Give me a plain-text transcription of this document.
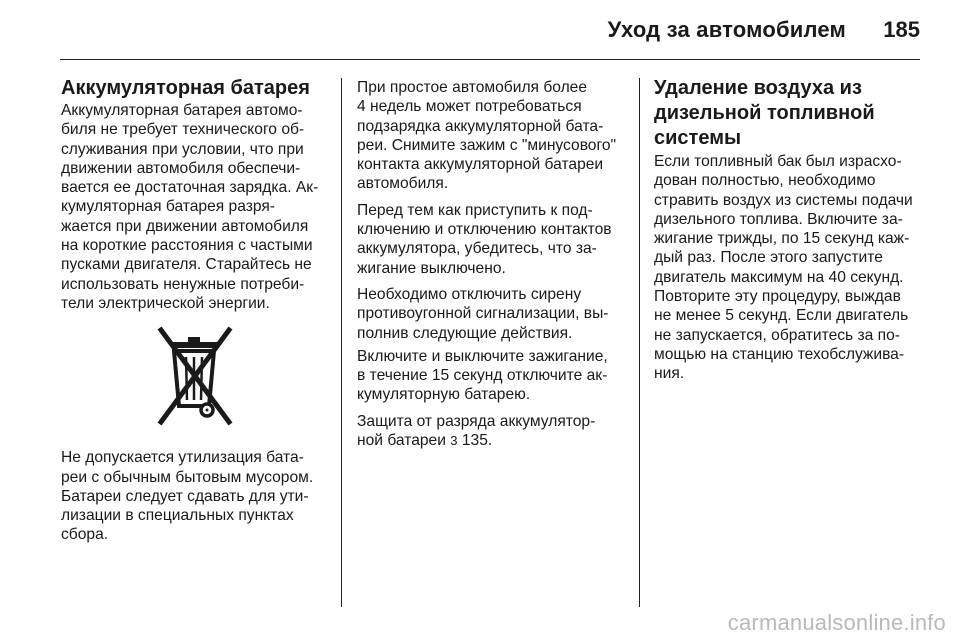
Уход за автомобилем 185
Аккумуляторная батарея

Аккумуляторная батарея автомо-
биля не требует технического об-
служивания при условии, что при
движении автомобиля обеспечи-
вается ее достаточная зарядка. Ак-
кумуляторная батарея разря-
жается при движении автомобиля
на короткие расстояния с частыми
пусками двигателя. Старайтесь не
использовать ненужные потреби-
тели электрической энергии.

Не допускается утилизация бата-
реи с обычным бытовым мусором.
Батареи следует сдавать для ути-
лизации в специальных пунктах
сбора.

При простое автомобиля более
4 недель может потребоваться
подзарядка аккумуляторной бата-
реи. Снимите зажим с "минусового"
контакта аккумуляторной батареи
автомобиля.

Перед тем как приступить к под-
ключению и отключению контактов
аккумулятора, убедитесь, что за-
жигание выключено.

Необходимо отключить сирену
противоугонной сигнализации, вы-
полнив следующие действия.

Включите и выключите зажигание,
в течение 15 секунд отключите ак-
кумуляторную батарею.

Защита от разряда аккумулятор-
ной батареи 3 135.

Удаление воздуха из
дизельной топливной
системы

Если топливный бак был израсхо-
дован полностью, необходимо
стравить воздух из системы подачи
дизельного топлива. Включите за-
жигание трижды, по 15 секунд каж-
дый раз. После этого запустите
двигатель максимум на 40 секунд.
Повторите эту процедуру, выждав
не менее 5 секунд. Если двигатель
не запускается, обратитесь за по-
мощью на станцию техобслужива-
ния.

carmanualsonline.info
